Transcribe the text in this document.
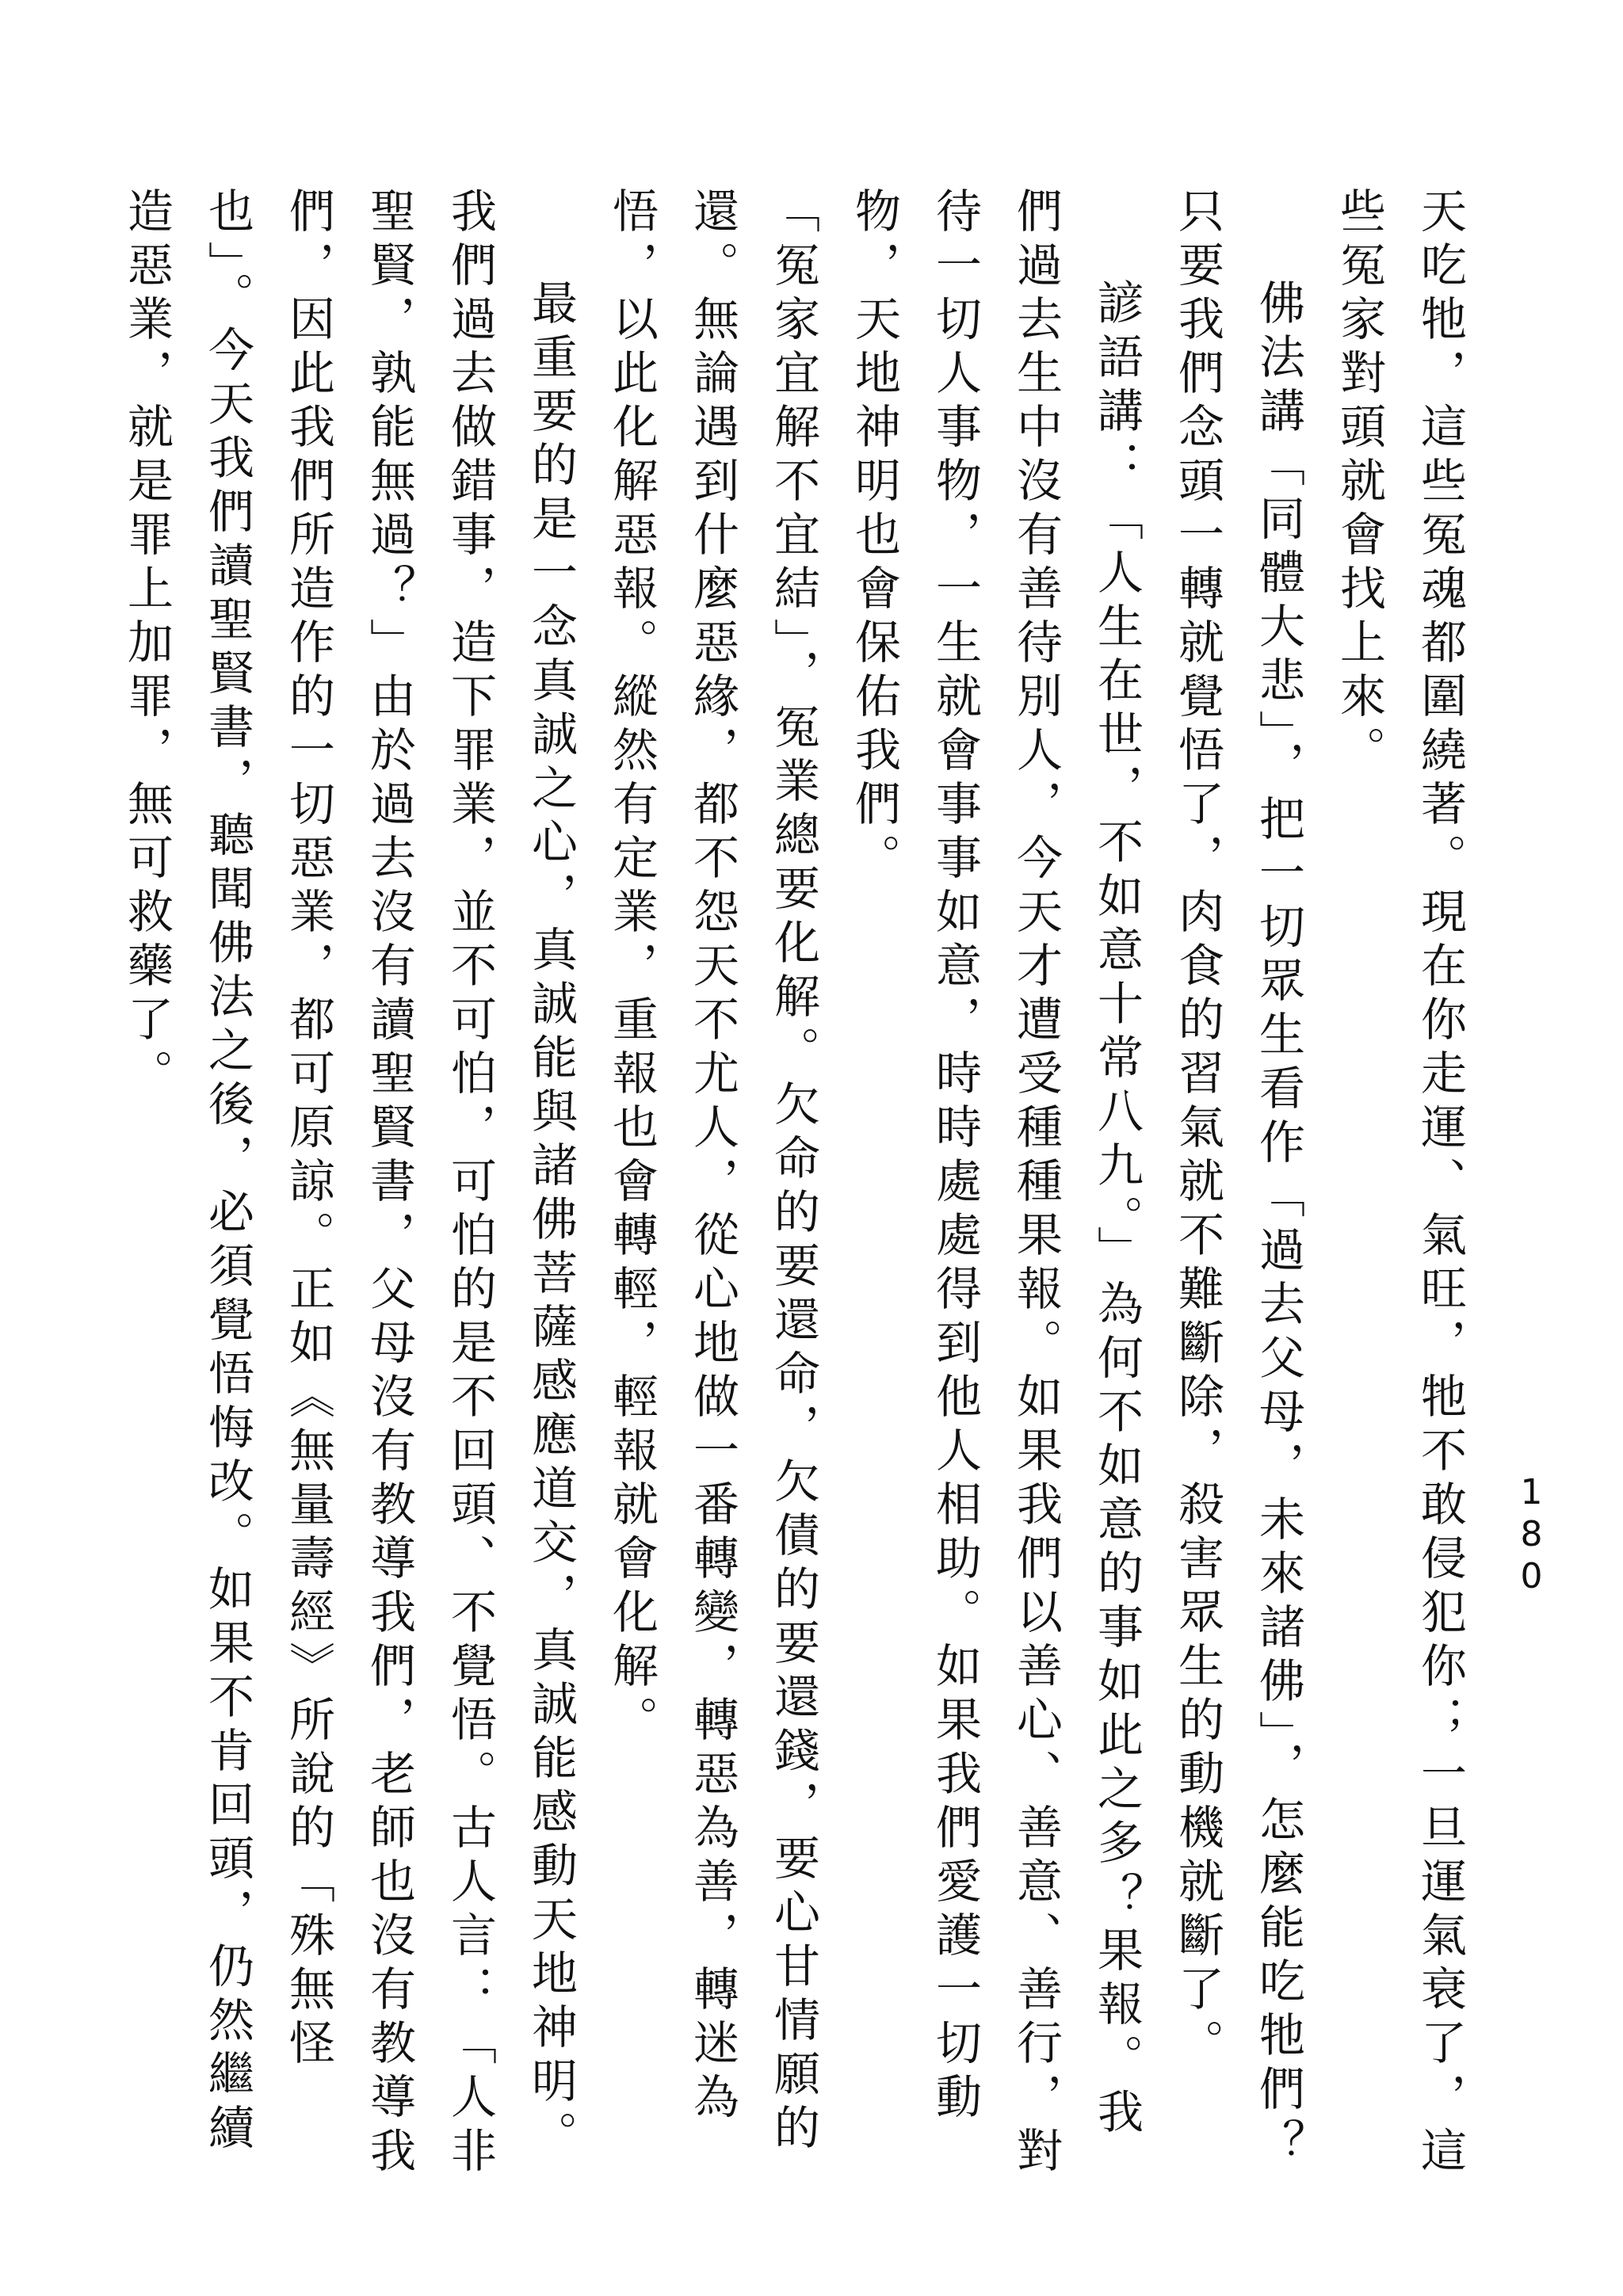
180

天吃牠，這些冤魂都圍繞著。現在你走運、氣旺，牠不敢侵犯你；一旦運氣衰了，這些冤家對頭就會找上來。

佛法講「同體大悲」，把一切眾生看作「過去父母，未來諸佛」，怎麼能吃牠們？只要我們念頭一轉就覺悟了，肉食的習氣就不難斷除，殺害眾生的動機就斷了。

諺語講：「人生在世，不如意十常八九。」為何不如意的事如此之多？果報。我們過去生中沒有善待別人，今天才遭受種種果報。如果我們以善心、善意、善行，對待一切人事物，一生就會事事如意，時時處處得到他人相助。如果我們愛護一切動物，天地神明也會保佑我們。

「冤家宜解不宜結」，冤業總要化解。欠命的要還命，欠債的要還錢，要心甘情願的還。無論遇到什麼惡緣，都不怨天不尤人，從心地做一番轉變，轉惡為善，轉迷為悟，以此化解惡報。縱然有定業，重報也會轉輕，輕報就會化解。

最重要的是一念真誠之心，真誠能與諸佛菩薩感應道交，真誠能感動天地神明。我們過去做錯事，造下罪業，並不可怕，可怕的是不回頭、不覺悟。古人言：「人非聖賢，孰能無過？」由於過去沒有讀聖賢書，父母沒有教導我們，老師也沒有教導我們，因此我們所造作的一切惡業，都可原諒。正如《無量壽經》所說的「殊無怪也」。今天我們讀聖賢書，聽聞佛法之後，必須覺悟悔改。如果不肯回頭，仍然繼續造惡業，就是罪上加罪，無可救藥了。
